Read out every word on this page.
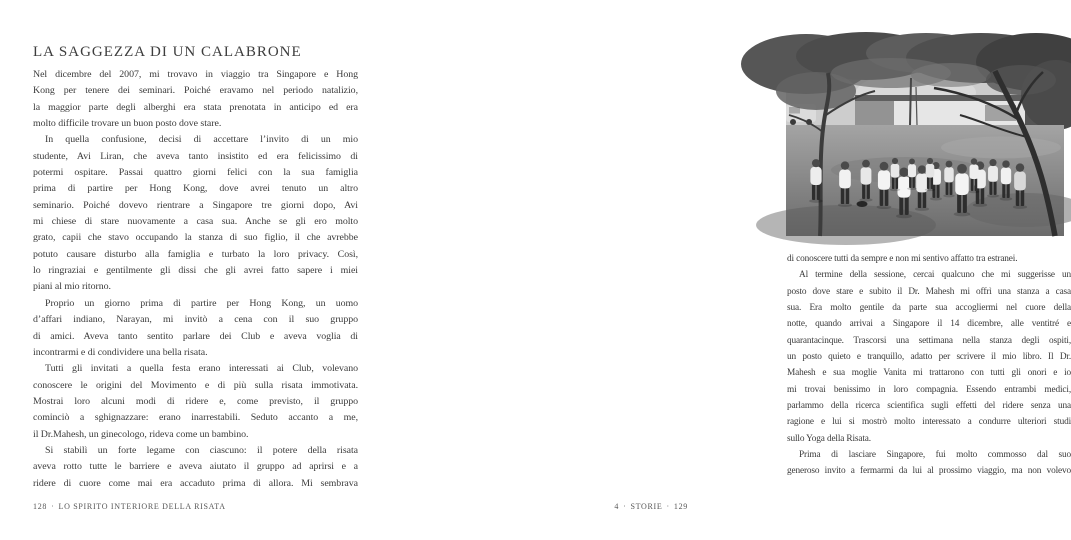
LA SAGGEZZA DI UN CALABRONE
Nel dicembre del 2007, mi trovavo in viaggio tra Singapore e Hong
Kong per tenere dei seminari. Poiché eravamo nel periodo natalizio,
la maggior parte degli alberghi era stata prenotata in anticipo ed era
molto difficile trovare un buon posto dove stare.
In quella confusione, decisi di accettare l’invito di un mio
studente, Avi Liran, che aveva tanto insistito ed era felicissimo di
potermi ospitare. Passai quattro giorni felici con la sua famiglia
prima di partire per Hong Kong, dove avrei tenuto un altro
seminario. Poiché dovevo rientrare a Singapore tre giorni dopo, Avi
mi chiese di stare nuovamente a casa sua. Anche se gli ero molto
grato, capii che stavo occupando la stanza di suo figlio, il che avrebbe
potuto causare disturbo alla famiglia e turbato la loro privacy. Così,
lo ringraziai e gentilmente gli dissi che gli avrei fatto sapere i miei
piani al mio ritorno.
Proprio un giorno prima di partire per Hong Kong, un uomo
d’affari indiano, Narayan, mi invitò a cena con il suo gruppo
di amici. Aveva tanto sentito parlare dei Club e aveva voglia di
incontrarmi e di condividere una bella risata.
Tutti gli invitati a quella festa erano interessati ai Club, volevano
conoscere le origini del Movimento e di più sulla risata immotivata.
Mostrai loro alcuni modi di ridere e, come previsto, il gruppo
cominciò a sghignazzare: erano inarrestabili. Seduto accanto a me,
il Dr.Mahesh, un ginecologo, rideva come un bambino.
Si stabilì un forte legame con ciascuno: il potere della risata
aveva rotto tutte le barriere e aveva aiutato il gruppo ad aprirsi e a
ridere di cuore come mai era accaduto prima di allora. Mi sembrava
128 · LO SPIRITO INTERIORE DELLA RISATA
di conoscere tutti da sempre e non mi sentivo affatto tra estranei.
Al termine della sessione, cercai qualcuno che mi suggerisse un
posto dove stare e subito il Dr. Mahesh mi offrì una stanza a casa
sua. Era molto gentile da parte sua accogliermi nel cuore della
notte, quando arrivai a Singapore il 14 dicembre, alle ventitré e
quarantacinque. Trascorsi una settimana nella stanza degli ospiti,
un posto quieto e tranquillo, adatto per scrivere il mio libro. Il Dr.
Mahesh e sua moglie Vanita mi trattarono con tutti gli onori e io
mi trovai benissimo in loro compagnia. Essendo entrambi medici,
parlammo della ricerca scientifica sugli effetti del ridere senza una
ragione e lui si mostrò molto interessato a condurre ulteriori studi
sullo Yoga della Risata.
Prima di lasciare Singapore, fui molto commosso dal suo
generoso invito a fermarmi da lui al prossimo viaggio, ma non volevo
4 · STORIE · 129
